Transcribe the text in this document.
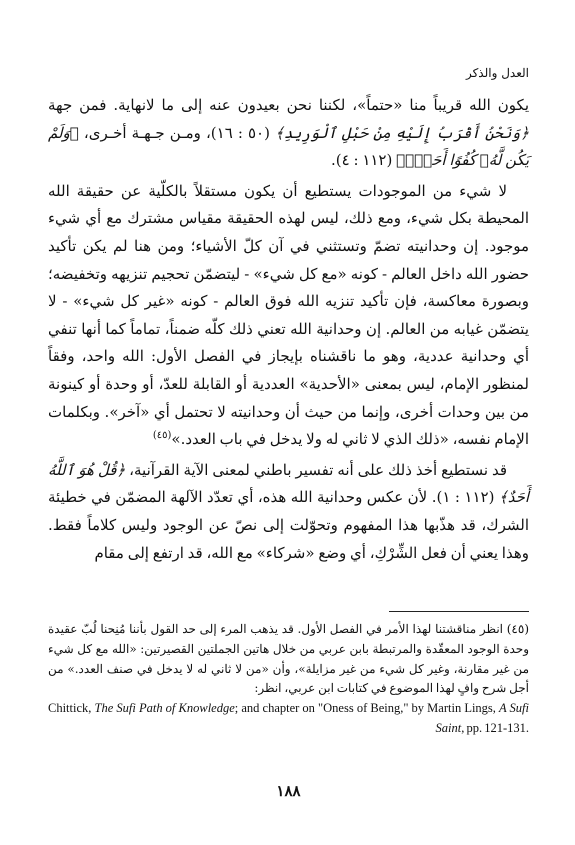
العدل والذكر

يكون الله قريباً منا «حتماً»، لكننا نحن بعيدون عنه إلى ما لانهاية. فمن جهة ﴿وَنَحْنُ أَقْرَبُ إِلَيْهِ مِنْ حَبْلِ ٱلْوَرِيدِ﴾ (٥٠ : ١٦)، ومـن جـهـة أخـرى، ﴿وَلَمْ يَكُن لَّهُۥ كُفُوًا أَحَدٌۢ﴾ (١١٢ : ٤).

لا شيء من الموجودات يستطيع أن يكون مستقلاً بالكلّية عن حقيقة الله المحيطة بكل شيء، ومع ذلك، ليس لهذه الحقيقة مقياس مشترك مع أي شيء موجود. إن وحدانيته تضمّ وتستثني في آن كلّ الأشياء؛ ومن هنا لم يكن تأكيد حضور الله داخل العالم - كونه «مع كل شيء» - ليتضمّن تحجيم تنزيهه وتخفيضه؛ وبصورة معاكسة، فإن تأكيد تنزيه الله فوق العالم - كونه «غير كل شيء» - لا يتضمّن غيابه من العالم. إن وحدانية الله تعني ذلك كلّه ضمناً، تماماً كما أنها تنفي أي وحدانية عددية، وهو ما ناقشناه بإيجاز في الفصل الأول: الله واحد، وفقاً لمنظور الإمام، ليس بمعنى «الأحدية» العددية أو القابلة للعدّ، أو وحدة أو كينونة من بين وحدات أخرى، وإنما من حيث أن وحدانيته لا تحتمل أي «آخر». وبكلمات الإمام نفسه، «ذلك الذي لا ثاني له ولا يدخل في باب العدد.»$^{(٤٥)}$

قد نستطيع أخذ ذلك على أنه تفسير باطني لمعنى الآية القرآنية، ﴿قُلْ هُوَ ٱللَّهُ أَحَدٌ﴾ (١١٢ : ١). لأن عكس وحدانية الله هذه، أي تعدّد الآلهة المضمّن في خطيئة الشرك، قد هذّبها هذا المفهوم وتحوّلت إلى نصّ عن الوجود وليس كلاماً فقط. وهذا يعني أن فعل الشِّرْكِ، أي وضع «شركاء» مع الله، قد ارتفع إلى مقام

(٤٥) انظر مناقشتنا لهذا الأمر في الفصل الأول. قد يذهب المرء إلى حد القول بأننا مُنِحنا لُبّ عقيدة وحدة الوجود المعقّدة والمرتبطة بابن عربي من خلال هاتين الجملتين القصيرتين: «الله مع كل شيء من غير مقارنة، وغير كل شيء من غير مزايلة»، وأن «من لا ثاني له لا يدخل في صنف العدد.» من أجل شرح وافٍ لهذا الموضوع في كتابات ابن عربي، انظر:
Chittick, The Sufi Path of Knowledge; and chapter on "Oness of Being," by Martin Lings, A Sufi Saint, pp. 121-131.

١٨٨
